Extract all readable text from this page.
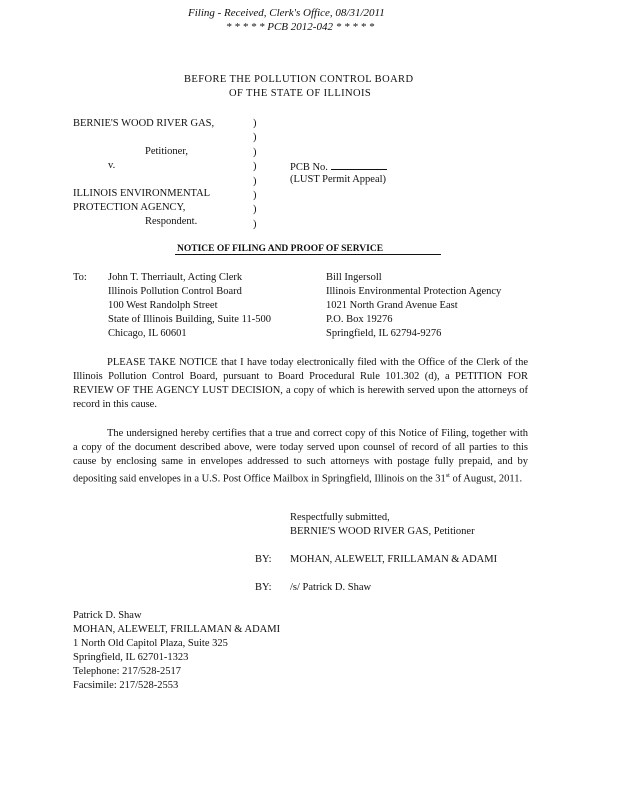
Filing - Received, Clerk's Office, 08/31/2011
* * * * * PCB 2012-042 * * * * *
BEFORE THE POLLUTION CONTROL BOARD
OF THE STATE OF ILLINOIS
BERNIE'S WOOD RIVER GAS,
Petitioner,
v.
ILLINOIS ENVIRONMENTAL
PROTECTION AGENCY,
Respondent.
)
)
)
)
)
)
)
)
PCB No.
(LUST Permit Appeal)
NOTICE OF FILING AND PROOF OF SERVICE
To: John T. Therriault, Acting Clerk
Illinois Pollution Control Board
100 West Randolph Street
State of Illinois Building, Suite 11-500
Chicago, IL 60601
Bill Ingersoll
Illinois Environmental Protection Agency
1021 North Grand Avenue East
P.O. Box 19276
Springfield, IL 62794-9276
PLEASE TAKE NOTICE that I have today electronically filed with the Office of the Clerk of the Illinois Pollution Control Board, pursuant to Board Procedural Rule 101.302 (d), a PETITION FOR REVIEW OF THE AGENCY LUST DECISION, a copy of which is herewith served upon the attorneys of record in this cause.
The undersigned hereby certifies that a true and correct copy of this Notice of Filing, together with a copy of the document described above, were today served upon counsel of record of all parties to this cause by enclosing same in envelopes addressed to such attorneys with postage fully prepaid, and by depositing said envelopes in a U.S. Post Office Mailbox in Springfield, Illinois on the 31st of August, 2011.
Respectfully submitted,
BERNIE'S WOOD RIVER GAS, Petitioner
BY: MOHAN, ALEWELT, FRILLAMAN & ADAMI
BY: /s/ Patrick D. Shaw
Patrick D. Shaw
MOHAN, ALEWELT, FRILLAMAN & ADAMI
1 North Old Capitol Plaza, Suite 325
Springfield, IL 62701-1323
Telephone: 217/528-2517
Facsimile: 217/528-2553
